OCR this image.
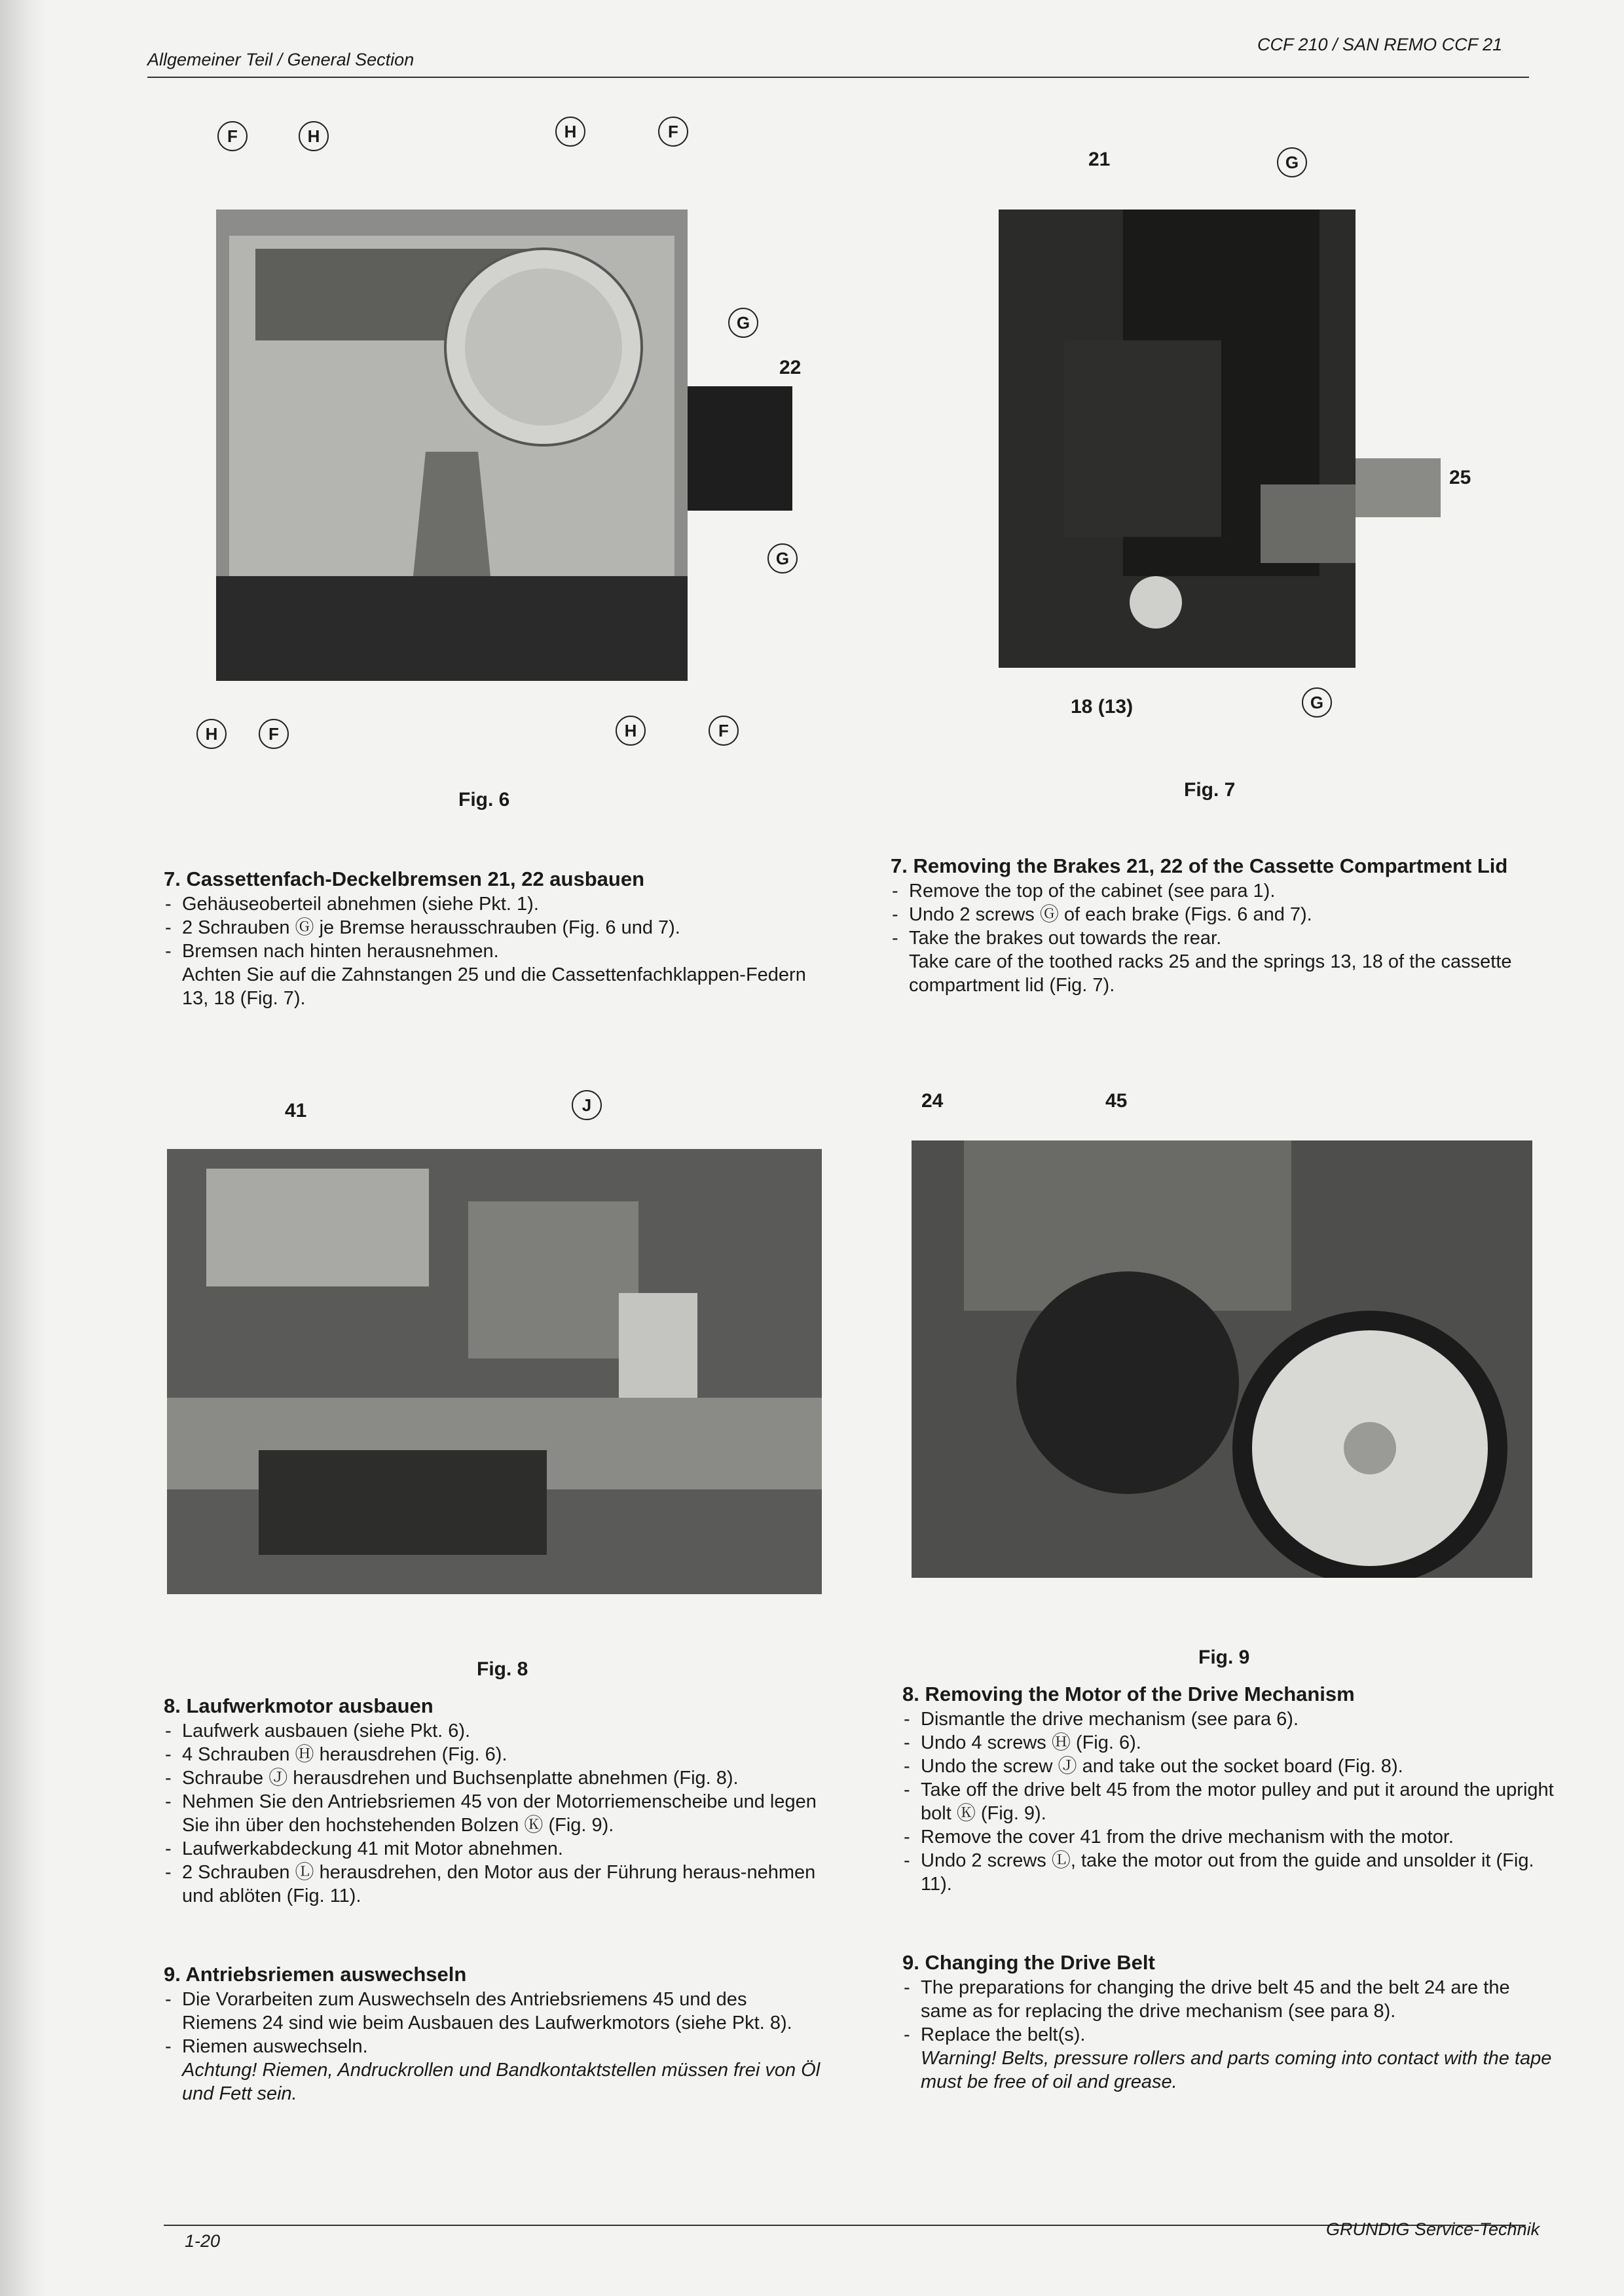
Allgemeiner Teil / General Section
CCF 210 / SAN REMO CCF 21
F	H	H	F
G
22
G
H	F	H	F
Fig. 6
21	G
25
18 (13)	G
Fig. 7
7. Cassettenfach-Deckelbremsen 21, 22 ausbauen
- Gehäuseoberteil abnehmen (siehe Pkt. 1).
- 2 Schrauben Ⓖ je Bremse herausschrauben (Fig. 6 und 7).
- Bremsen nach hinten herausnehmen.
Achten Sie auf die Zahnstangen 25 und die Cassettenfachklappen-Federn 13, 18 (Fig. 7).
7. Removing the Brakes 21, 22 of the Cassette Compartment Lid
- Remove the top of the cabinet (see para 1).
- Undo 2 screws Ⓖ of each brake (Figs. 6 and 7).
- Take the brakes out towards the rear.
Take care of the toothed racks 25 and the springs 13, 18 of the cassette compartment lid (Fig. 7).
41	J
Fig. 8
24	45
Fig. 9
8. Laufwerkmotor ausbauen
- Laufwerk ausbauen (siehe Pkt. 6).
- 4 Schrauben Ⓗ herausdrehen (Fig. 6).
- Schraube Ⓙ herausdrehen und Buchsenplatte abnehmen (Fig. 8).
- Nehmen Sie den Antriebsriemen 45 von der Motorriemenscheibe und legen Sie ihn über den hochstehenden Bolzen Ⓚ (Fig. 9).
- Laufwerkabdeckung 41 mit Motor abnehmen.
- 2 Schrauben Ⓛ herausdrehen, den Motor aus der Führung heraus-nehmen und ablöten (Fig. 11).
8. Removing the Motor of the Drive Mechanism
- Dismantle the drive mechanism (see para 6).
- Undo 4 screws Ⓗ (Fig. 6).
- Undo the screw Ⓙ and take out the socket board (Fig. 8).
- Take off the drive belt 45 from the motor pulley and put it around the upright bolt Ⓚ (Fig. 9).
- Remove the cover 41 from the drive mechanism with the motor.
- Undo 2 screws Ⓛ, take the motor out from the guide and unsolder it (Fig. 11).
9. Antriebsriemen auswechseln
- Die Vorarbeiten zum Auswechseln des Antriebsriemens 45 und des Riemens 24 sind wie beim Ausbauen des Laufwerkmotors (siehe Pkt. 8).
- Riemen auswechseln.
Achtung! Riemen, Andruckrollen und Bandkontaktstellen müssen frei von Öl und Fett sein.
9. Changing the Drive Belt
- The preparations for changing the drive belt 45 and the belt 24 are the same as for replacing the drive mechanism (see para 8).
- Replace the belt(s).
Warning! Belts, pressure rollers and parts coming into contact with the tape must be free of oil and grease.
1-20
GRUNDIG Service-Technik
